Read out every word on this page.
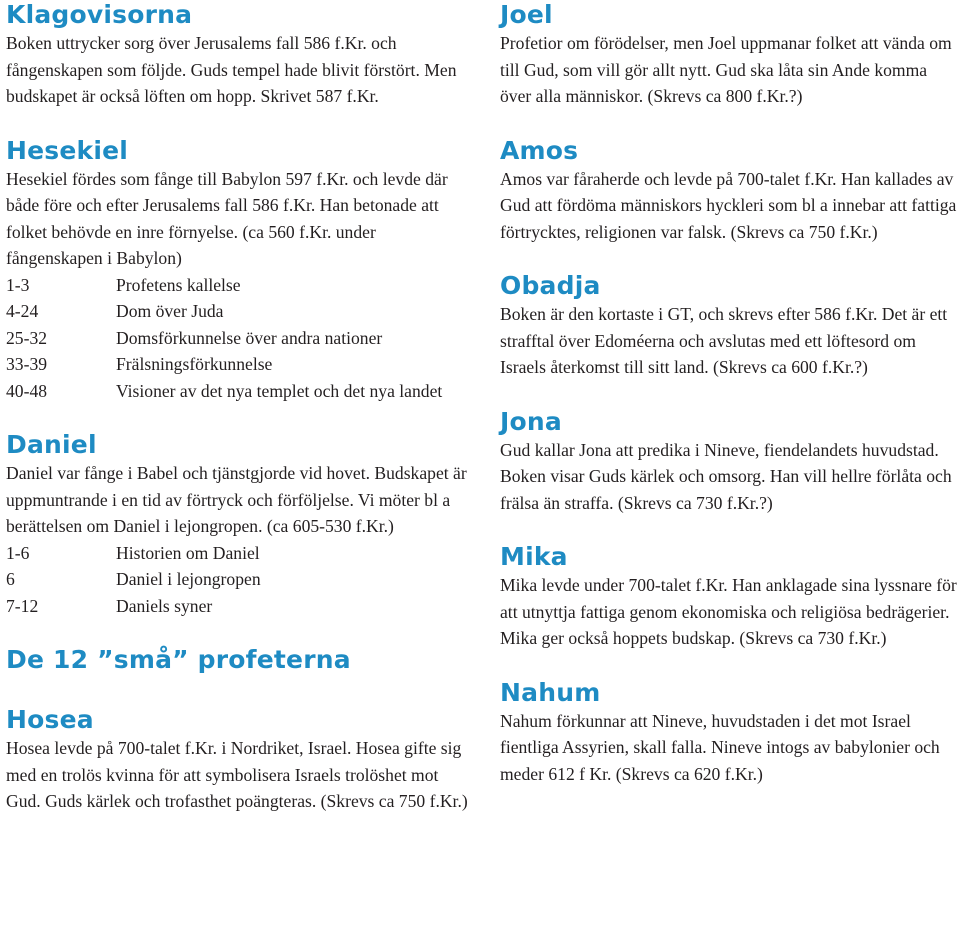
Klagovisorna

Boken uttrycker sorg över Jerusalems fall 586 f.Kr. och fångenskapen som följde. Guds tempel hade blivit förstört. Men budskapet är också löften om hopp. Skrivet 587 f.Kr.

Hesekiel

Hesekiel fördes som fånge till Babylon 597 f.Kr. och levde där både före och efter Jerusalems fall 586 f.Kr. Han betonade att folket behövde en inre förnyelse. (ca 560 f.Kr. under fångenskapen i Babylon)

1-3	Profetens kallelse
4-24	Dom över Juda
25-32	Domsförkunnelse över andra nationer
33-39	Frälsningsförkunnelse
40-48	Visioner av det nya templet och det nya landet
Daniel

Daniel var fånge i Babel och tjänstgjorde vid hovet. Budskapet är uppmuntrande i en tid av förtryck och förföljelse. Vi möter bl a berättelsen om Daniel i lejongropen. (ca 605-530 f.Kr.)

1-6	Historien om Daniel
6	Daniel i lejongropen
7-12	Daniels syner
De 12 ”små” profeterna
Hosea

Hosea levde på 700-talet f.Kr. i Nordriket, Israel. Hosea gifte sig med en trolös kvinna för att symbolisera Israels trolöshet mot Gud. Guds kärlek och trofasthet poängteras. (Skrevs ca 750 f.Kr.)

Joel

Profetior om förödelser, men Joel uppmanar folket att vända om till Gud, som vill gör allt nytt. Gud ska låta sin Ande komma över alla människor. (Skrevs ca 800 f.Kr.?)

Amos

Amos var fåraherde och levde på 700-talet f.Kr. Han kallades av Gud att fördöma människors hyckleri som bl a innebar att fattiga förtrycktes, religionen var falsk. (Skrevs ca 750 f.Kr.)

Obadja

Boken är den kortaste i GT, och skrevs efter 586 f.Kr. Det är ett strafftal över Edoméerna och avslutas med ett löftesord om Israels återkomst till sitt land. (Skrevs ca 600 f.Kr.?)

Jona

Gud kallar Jona att predika i Nineve, fiendelandets huvudstad. Boken visar Guds kärlek och omsorg. Han vill hellre förlåta och frälsa än straffa. (Skrevs ca 730 f.Kr.?)

Mika

Mika levde under 700-talet f.Kr. Han anklagade sina lyssnare för att utnyttja fattiga genom ekonomiska och religiösa bedrägerier. Mika ger också hoppets budskap. (Skrevs ca 730 f.Kr.)

Nahum

Nahum förkunnar att Nineve, huvudstaden i det mot Israel fientliga Assyrien, skall falla. Nineve intogs av babylonier och meder 612 f Kr. (Skrevs ca 620 f.Kr.)
